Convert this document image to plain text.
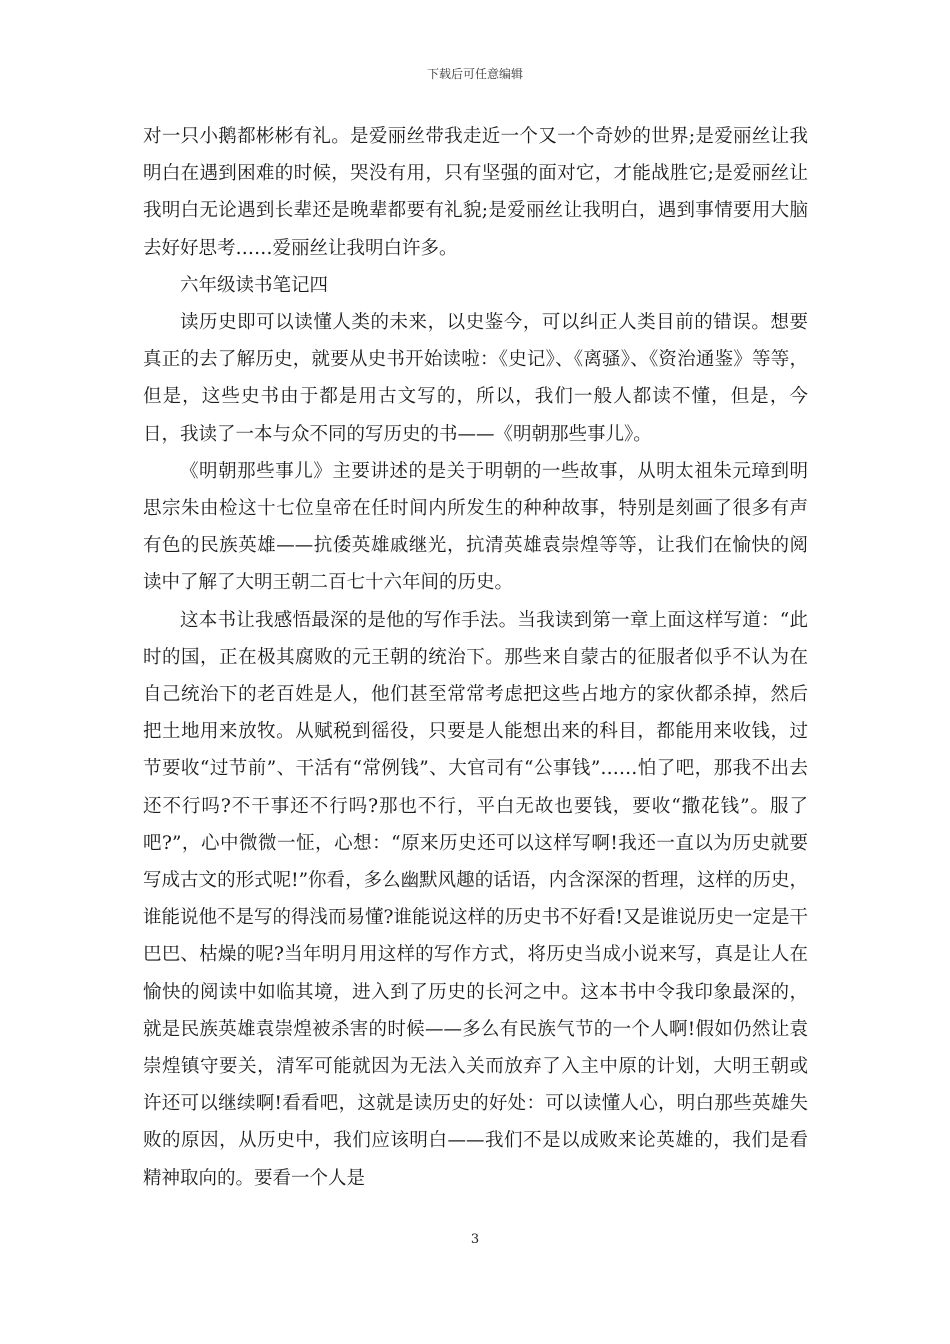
下载后可任意编辑

对一只小鹅都彬彬有礼。是爱丽丝带我走近一个又一个奇妙的世界;是爱丽丝让我明白在遇到困难的时候，哭没有用，只有坚强的面对它，才能战胜它;是爱丽丝让我明白无论遇到长辈还是晚辈都要有礼貌;是爱丽丝让我明白，遇到事情要用大脑去好好思考……爱丽丝让我明白许多。

六年级读书笔记四

读历史即可以读懂人类的未来，以史鉴今，可以纠正人类目前的错误。想要真正的去了解历史，就要从史书开始读啦：《史记》、《离骚》、《资治通鉴》等等，但是，这些史书由于都是用古文写的，所以，我们一般人都读不懂，但是，今日，我读了一本与众不同的写历史的书——《明朝那些事儿》。

《明朝那些事儿》主要讲述的是关于明朝的一些故事，从明太祖朱元璋到明思宗朱由检这十七位皇帝在任时间内所发生的种种故事，特别是刻画了很多有声有色的民族英雄——抗倭英雄戚继光，抗清英雄袁崇煌等等，让我们在愉快的阅读中了解了大明王朝二百七十六年间的历史。

这本书让我感悟最深的是他的写作手法。当我读到第一章上面这样写道：“此时的国，正在极其腐败的元王朝的统治下。那些来自蒙古的征服者似乎不认为在自己统治下的老百姓是人，他们甚至常常考虑把这些占地方的家伙都杀掉，然后把土地用来放牧。从赋税到徭役，只要是人能想出来的科目，都能用来收钱，过节要收“过节前”、干活有“常例钱”、大官司有“公事钱”……怕了吧，那我不出去还不行吗?不干事还不行吗?那也不行，平白无故也要钱，要收“撒花钱”。服了吧?”，心中微微一怔，心想：“原来历史还可以这样写啊!我还一直以为历史就要写成古文的形式呢!”你看，多么幽默风趣的话语，内含深深的哲理，这样的历史，谁能说他不是写的得浅而易懂?谁能说这样的历史书不好看!又是谁说历史一定是干巴巴、枯燥的呢?当年明月用这样的写作方式，将历史当成小说来写，真是让人在愉快的阅读中如临其境，进入到了历史的长河之中。这本书中令我印象最深的，就是民族英雄袁崇煌被杀害的时候——多么有民族气节的一个人啊!假如仍然让袁崇煌镇守要关，清军可能就因为无法入关而放弃了入主中原的计划，大明王朝或许还可以继续啊!看看吧，这就是读历史的好处：可以读懂人心，明白那些英雄失败的原因，从历史中，我们应该明白——我们不是以成败来论英雄的，我们是看精神取向的。要看一个人是

3
